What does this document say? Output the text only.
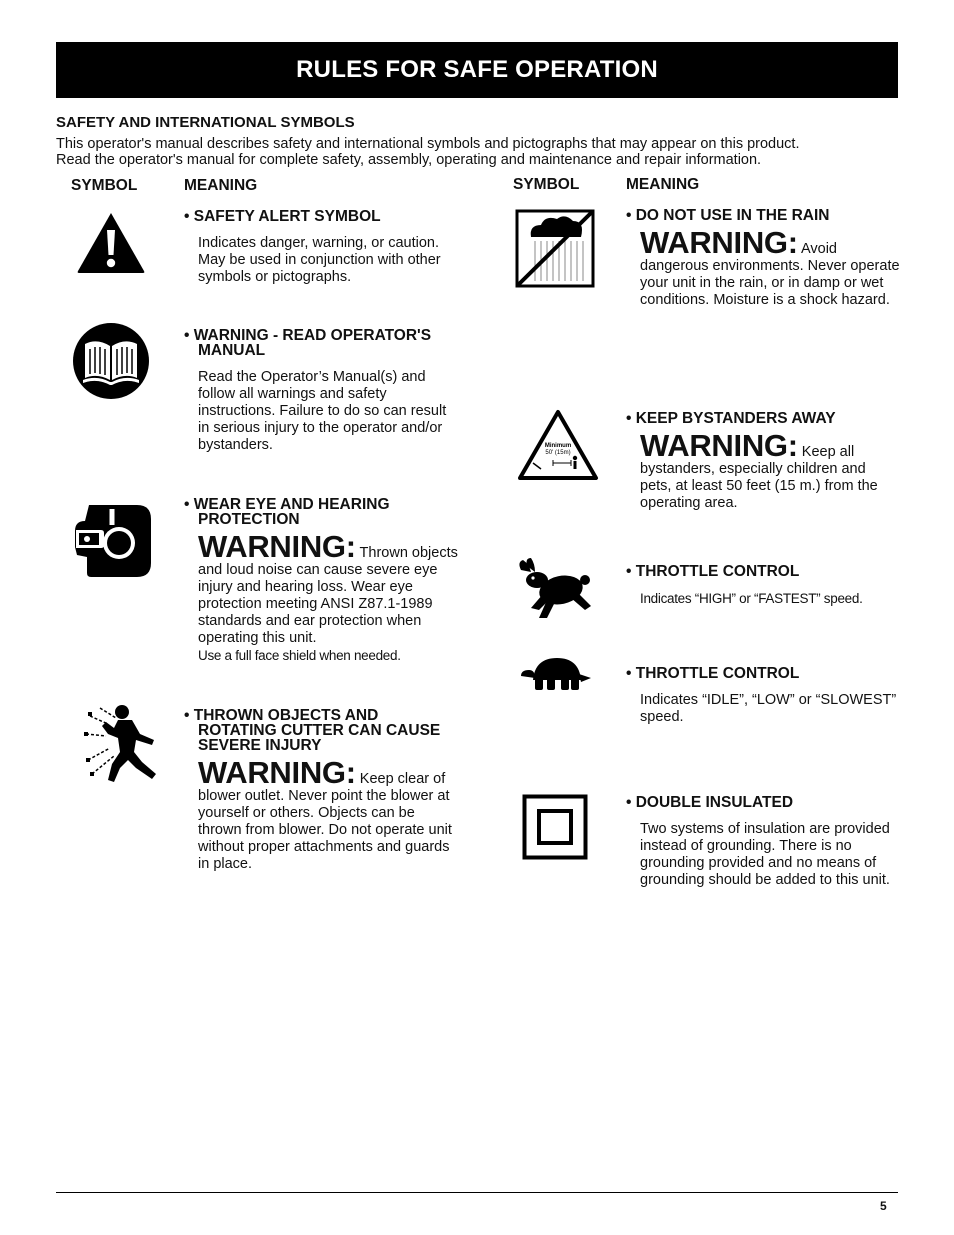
RULES FOR SAFE OPERATION
SAFETY AND INTERNATIONAL SYMBOLS
This operator's manual describes safety and international symbols and pictographs that may appear on this product.
Read the operator's manual for complete safety, assembly, operating and maintenance and repair information.
SYMBOL	MEANING	SYMBOL	MEANING

• SAFETY ALERT SYMBOL

Indicates danger, warning, or caution. May be used in conjunction with other symbols or pictographs.

• WARNING - READ OPERATOR'S MANUAL

Read the Operator’s Manual(s) and follow all warnings and safety instructions. Failure to do so can result in serious injury to the operator and/or bystanders.

• WEAR EYE AND HEARING PROTECTION

WARNING: Thrown objects and loud noise can cause severe eye injury and hearing loss. Wear eye protection meeting ANSI Z87.1-1989 standards and ear protection when operating this unit.

Use a full face shield when needed.

• THROWN OBJECTS AND ROTATING CUTTER CAN CAUSE SEVERE INJURY

WARNING: Keep clear of blower outlet. Never point the blower at yourself or others. Objects can be thrown from blower. Do not operate unit without proper attachments and guards in place.

• DO NOT USE IN THE RAIN

WARNING: Avoid dangerous environments. Never operate your unit in the rain, or in damp or wet conditions. Moisture is a shock hazard.
Minimum
50' (15m)

• KEEP BYSTANDERS AWAY

WARNING: Keep all bystanders, especially children and pets, at least 50 feet (15 m.) from the operating area.

• THROTTLE CONTROL

Indicates “HIGH” or “FASTEST” speed.

• THROTTLE CONTROL

Indicates “IDLE”, “LOW” or “SLOWEST” speed.

• DOUBLE INSULATED

Two systems of insulation are provided instead of grounding. There is no grounding provided and no means of grounding should be added to this unit.

5
